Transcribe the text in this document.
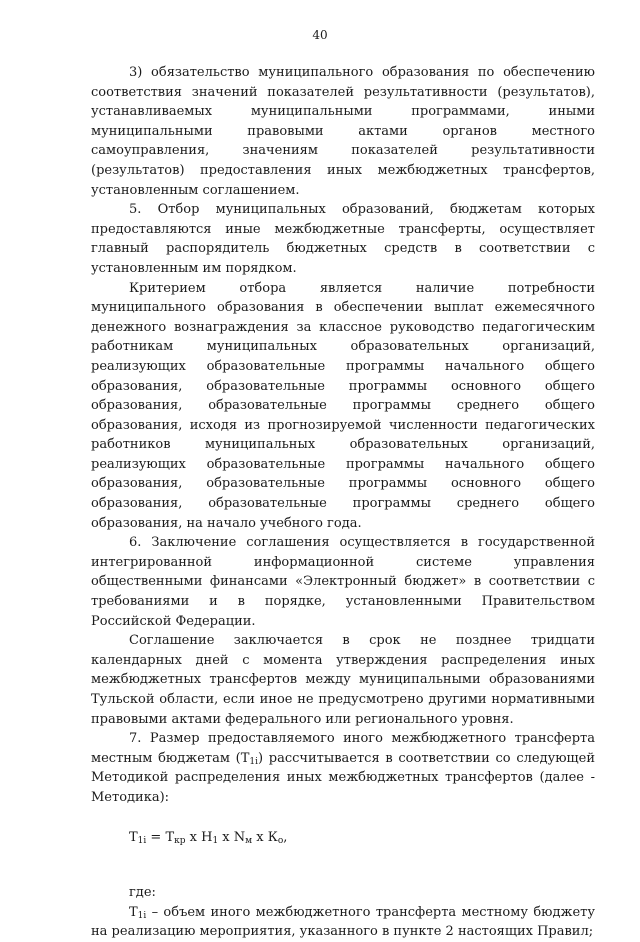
40

3) обязательство муниципального образования по обеспечению соответствия значений показателей результативности (результатов), устанавливаемых муниципальными программами, иными муниципальными правовыми актами органов местного самоуправления, значениям показателей результативности (результатов) предоставления иных межбюджетных трансфертов, установленным соглашением.

5. Отбор муниципальных образований, бюджетам которых предоставляются иные межбюджетные трансферты, осуществляет главный распорядитель бюджетных средств в соответствии с установленным им порядком.

Критерием отбора является наличие потребности муниципального образования в обеспечении выплат ежемесячного денежного вознаграждения за классное руководство педагогическим работникам муниципальных образовательных организаций, реализующих образовательные программы начального общего образования, образовательные программы основного общего образования, образовательные программы среднего общего образования, исходя из прогнозируемой численности педагогических работников муниципальных образовательных организаций, реализующих образовательные программы начального общего образования, образовательные программы основного общего образования, образовательные программы среднего общего образования, на начало учебного года.

6. Заключение соглашения осуществляется в государственной интегрированной информационной системе управления общественными финансами «Электронный бюджет» в соответствии с требованиями и в порядке, установленными Правительством Российской Федерации.

Соглашение заключается в срок не позднее тридцати календарных дней с момента утверждения распределения иных межбюджетных трансфертов между муниципальными образованиями Тульской области, если иное не предусмотрено другими нормативными правовыми актами федерального или регионального уровня.

7. Размер предоставляемого иного межбюджетного трансферта местным бюджетам $(Т_{1i})$ рассчитывается в соответствии со следующей Методикой распределения иных межбюджетных трансфертов (далее - Методика):

$Т_{1i} = Т_{кр}$ х $Н_1$ х $N_м$ х $К_о$,

где:

$Т_{1i}$ – объем иного межбюджетного трансферта местному бюджету на реализацию мероприятия, указанного в пункте 2 настоящих Правил;
